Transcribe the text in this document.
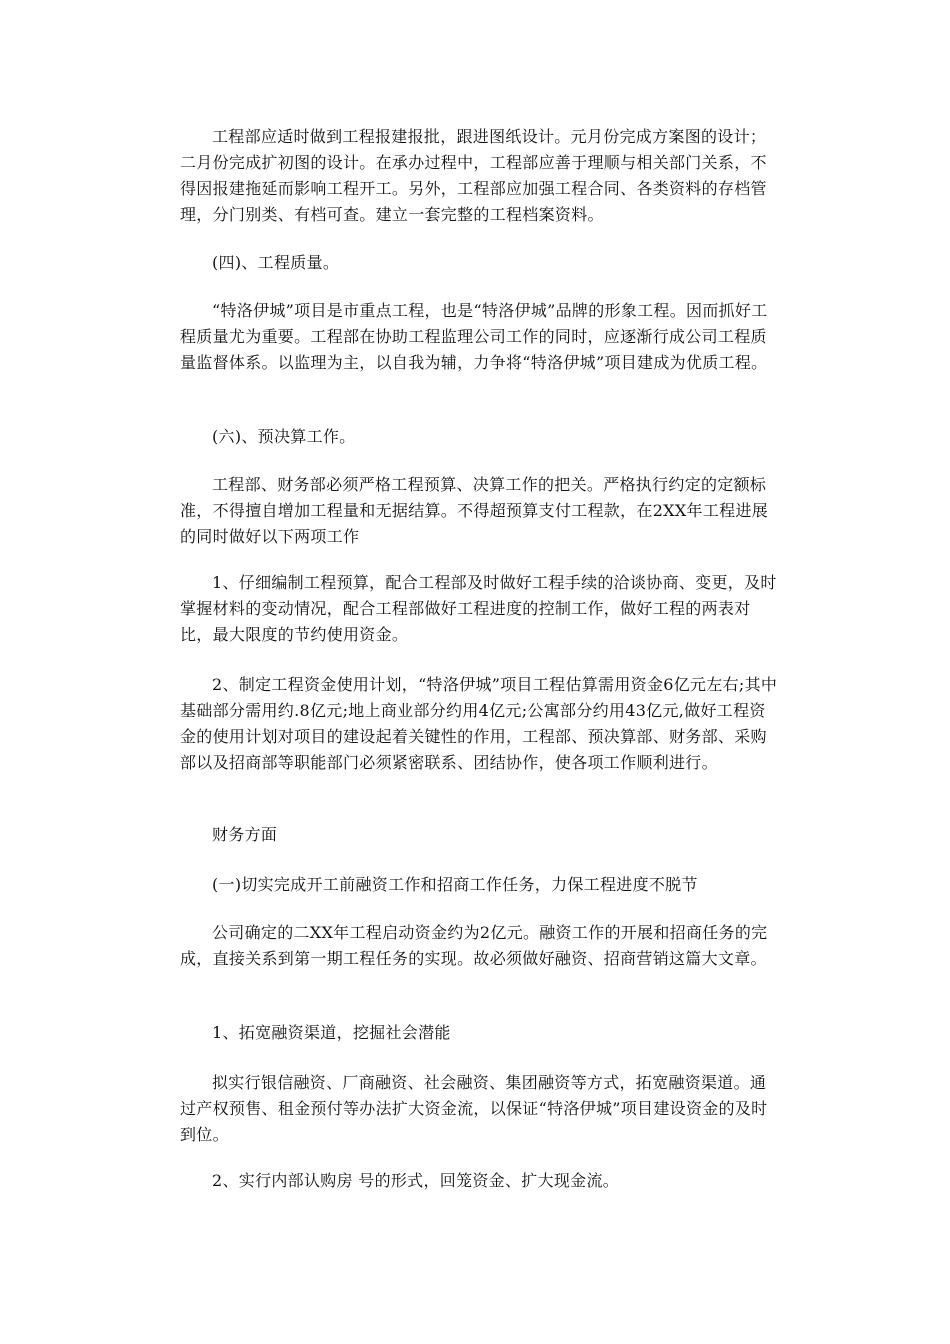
工程部应适时做到工程报建报批，跟进图纸设计。元月份完成方案图的设计；二月份完成扩初图的设计。在承办过程中，工程部应善于理顺与相关部门关系，不得因报建拖延而影响工程开工。另外，工程部应加强工程合同、各类资料的存档管理，分门别类、有档可查。建立一套完整的工程档案资料。

(四)、工程质量。

“特洛伊城”项目是市重点工程，也是“特洛伊城”品牌的形象工程。因而抓好工程质量尤为重要。工程部在协助工程监理公司工作的同时，应逐渐行成公司工程质量监督体系。以监理为主，以自我为辅，力争将“特洛伊城”项目建成为优质工程。

(六)、预决算工作。

工程部、财务部必须严格工程预算、决算工作的把关。严格执行约定的定额标准，不得擅自增加工程量和无据结算。不得超预算支付工程款，在2XX年工程进展的同时做好以下两项工作

1、仔细编制工程预算，配合工程部及时做好工程手续的洽谈协商、变更，及时掌握材料的变动情况，配合工程部做好工程进度的控制工作，做好工程的两表对比，最大限度的节约使用资金。

2、制定工程资金使用计划，“特洛伊城”项目工程估算需用资金6亿元左右;其中基础部分需用约.8亿元;地上商业部分约用4亿元;公寓部分约用43亿元,做好工程资金的使用计划对项目的建设起着关键性的作用，工程部、预决算部、财务部、采购部以及招商部等职能部门必须紧密联系、团结协作，使各项工作顺利进行。

财务方面

(一)切实完成开工前融资工作和招商工作任务，力保工程进度不脱节

公司确定的二XX年工程启动资金约为2亿元。融资工作的开展和招商任务的完成，直接关系到第一期工程任务的实现。故必须做好融资、招商营销这篇大文章。

1、拓宽融资渠道，挖掘社会潜能

拟实行银信融资、厂商融资、社会融资、集团融资等方式，拓宽融资渠道。通过产权预售、租金预付等办法扩大资金流，以保证“特洛伊城”项目建设资金的及时到位。

2、实行内部认购房 号的形式，回笼资金、扩大现金流。
